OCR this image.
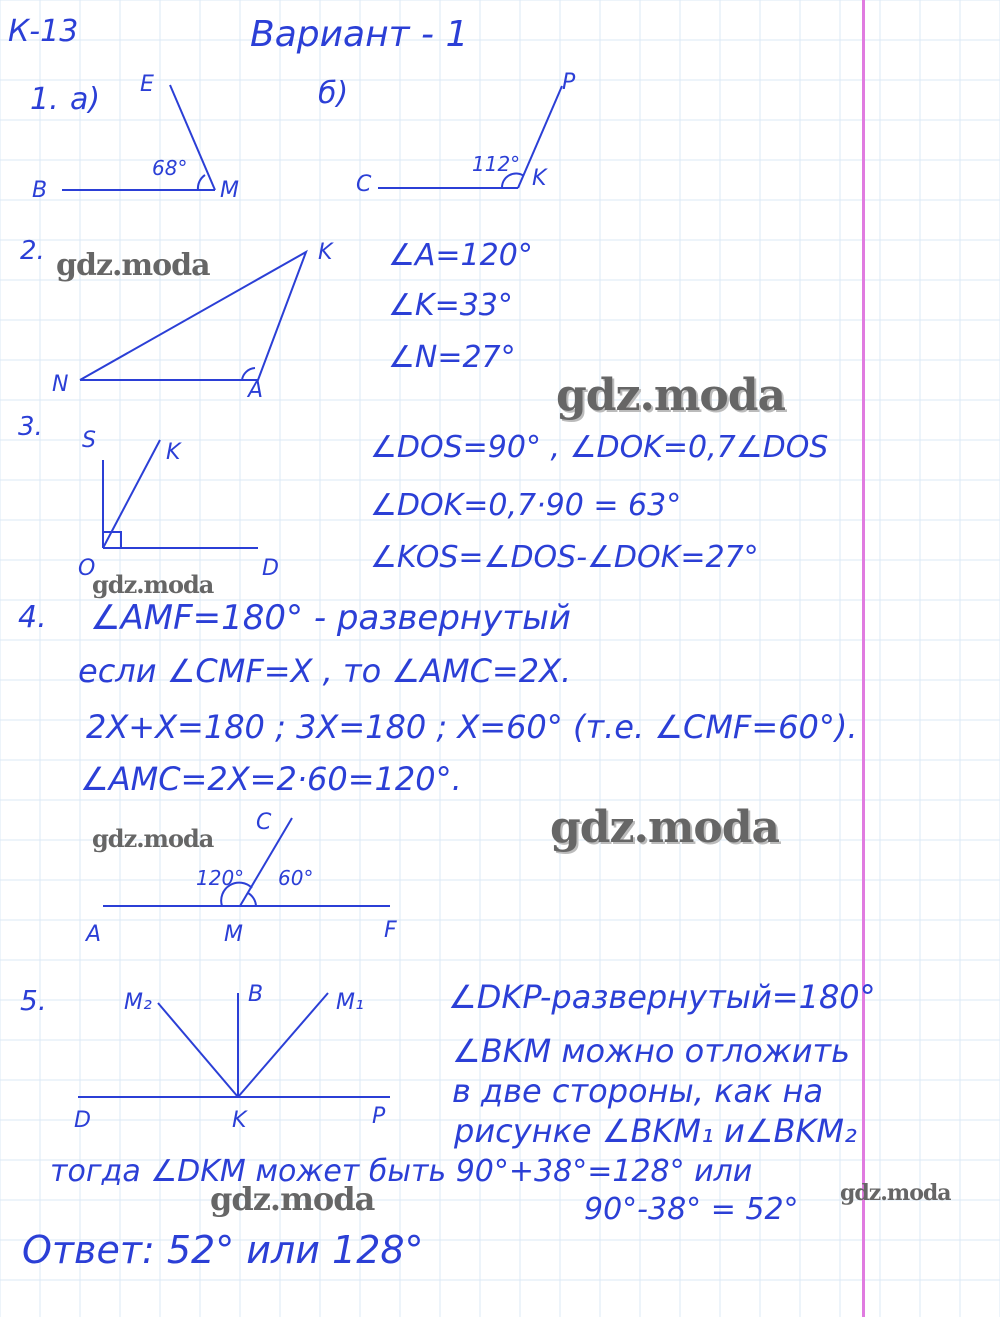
К-13	Вариант - 1
1. а) E
B	M
68°
б)	P
C	K
112°
2.	K
N	A
∠A=120°
∠K=33°
∠N=27°
3. S	K
O	D
∠DOS=90° , ∠DOK=0,7∠DOS
∠DOK=0,7·90 = 63°
∠KOS=∠DOS-∠DOK=27°
4. ∠AMF=180° - развернутый
если ∠CMF=X , то ∠AMC=2X.
2X+X=180 ; 3X=180 ; X=60° (т.е. ∠CMF=60°).
∠AMC=2X=2·60=120°.
C
120° 60°
A	M	F
5.	M₂	B	M₁
D	K	P
∠DKP-развернутый=180°
∠BKM можно отложить
в две стороны, как на
рисунке ∠BKM₁ и∠BKM₂
тогда ∠DKM может быть 90°+38°=128° или
90°-38° = 52°
Ответ: 52° или 128°
gdz.moda
gdz.moda
gdz.moda
gdz.moda	gdz.moda
gdz.moda	gdz.moda
